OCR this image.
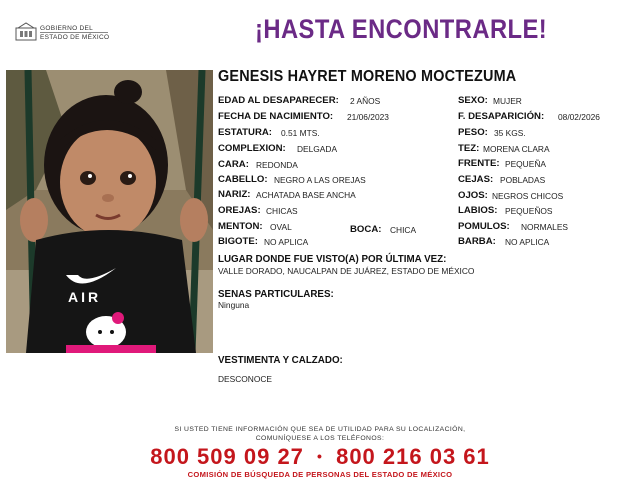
GOBIERNO DEL
ESTADO DE MÉXICO	¡HASTA ENCONTRARLE!
AIR
GENESIS HAYRET MORENO MOCTEZUMA
EDAD AL DESAPARECER: 2 AÑOS
FECHA DE NACIMIENTO: 21/06/2023
ESTATURA: 0.51 MTS.
COMPLEXION: DELGADA
CARA: REDONDA
CABELLO: NEGRO A LAS OREJAS
NARIZ: ACHATADA BASE ANCHA
OREJAS: CHICAS
MENTON: OVAL	BOCA: CHICA
BIGOTE: NO APLICA
SEXO: MUJER
F. DESAPARICIÓN: 08/02/2026
PESO: 35 KGS.
TEZ: MORENA CLARA
FRENTE: PEQUEÑA
CEJAS: POBLADAS
OJOS: NEGROS CHICOS
LABIOS: PEQUEÑOS
POMULOS: NORMALES
BARBA: NO APLICA
LUGAR DONDE FUE VISTO(A) POR ÚLTIMA VEZ:
VALLE DORADO, NAUCALPAN DE JUÁREZ, ESTADO DE MÉXICO
SENAS PARTICULARES:
Ninguna
VESTIMENTA Y CALZADO:
DESCONOCE
SI USTED TIENE INFORMACIÓN QUE SEA DE UTILIDAD PARA SU LOCALIZACIÓN,
COMUNÍQUESE A LOS TELÉFONOS:
800 509 09 27 • 800 216 03 61
COMISIÓN DE BÚSQUEDA DE PERSONAS DEL ESTADO DE MÉXICO
